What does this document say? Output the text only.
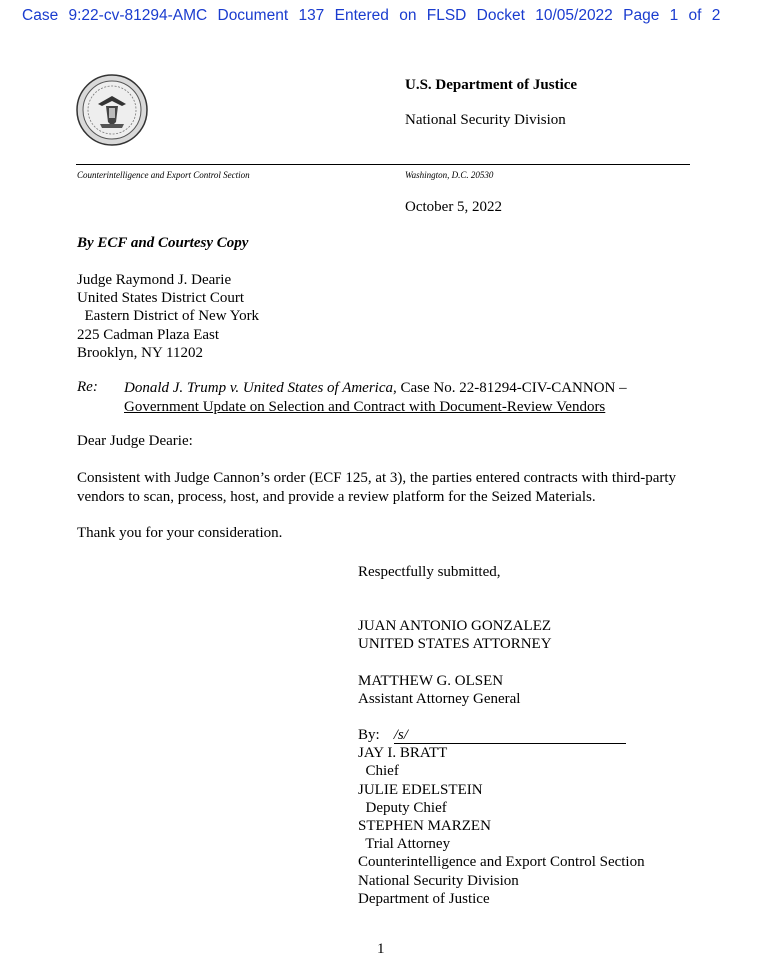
Case 9:22-cv-81294-AMC Document 137 Entered on FLSD Docket 10/05/2022 Page 1 of 2
U.S. Department of Justice
National Security Division
Counterintelligence and Export Control Section	Washington, D.C. 20530
October 5, 2022
By ECF and Courtesy Copy
Judge Raymond J. Dearie
United States District Court
Eastern District of New York
225 Cadman Plaza East
Brooklyn, NY 11202
Re: Donald J. Trump v. United States of America, Case No. 22-81294-CIV-CANNON –
Government Update on Selection and Contract with Document-Review Vendors
Dear Judge Dearie:
Consistent with Judge Cannon’s order (ECF 125, at 3), the parties entered contracts with third-party vendors to scan, process, host, and provide a review platform for the Seized Materials.
Thank you for your consideration.
Respectfully submitted,
JUAN ANTONIO GONZALEZ
UNITED STATES ATTORNEY
MATTHEW G. OLSEN
Assistant Attorney General
By: /s/
JAY I. BRATT
Chief
JULIE EDELSTEIN
Deputy Chief
STEPHEN MARZEN
Trial Attorney
Counterintelligence and Export Control Section
National Security Division
Department of Justice
1
